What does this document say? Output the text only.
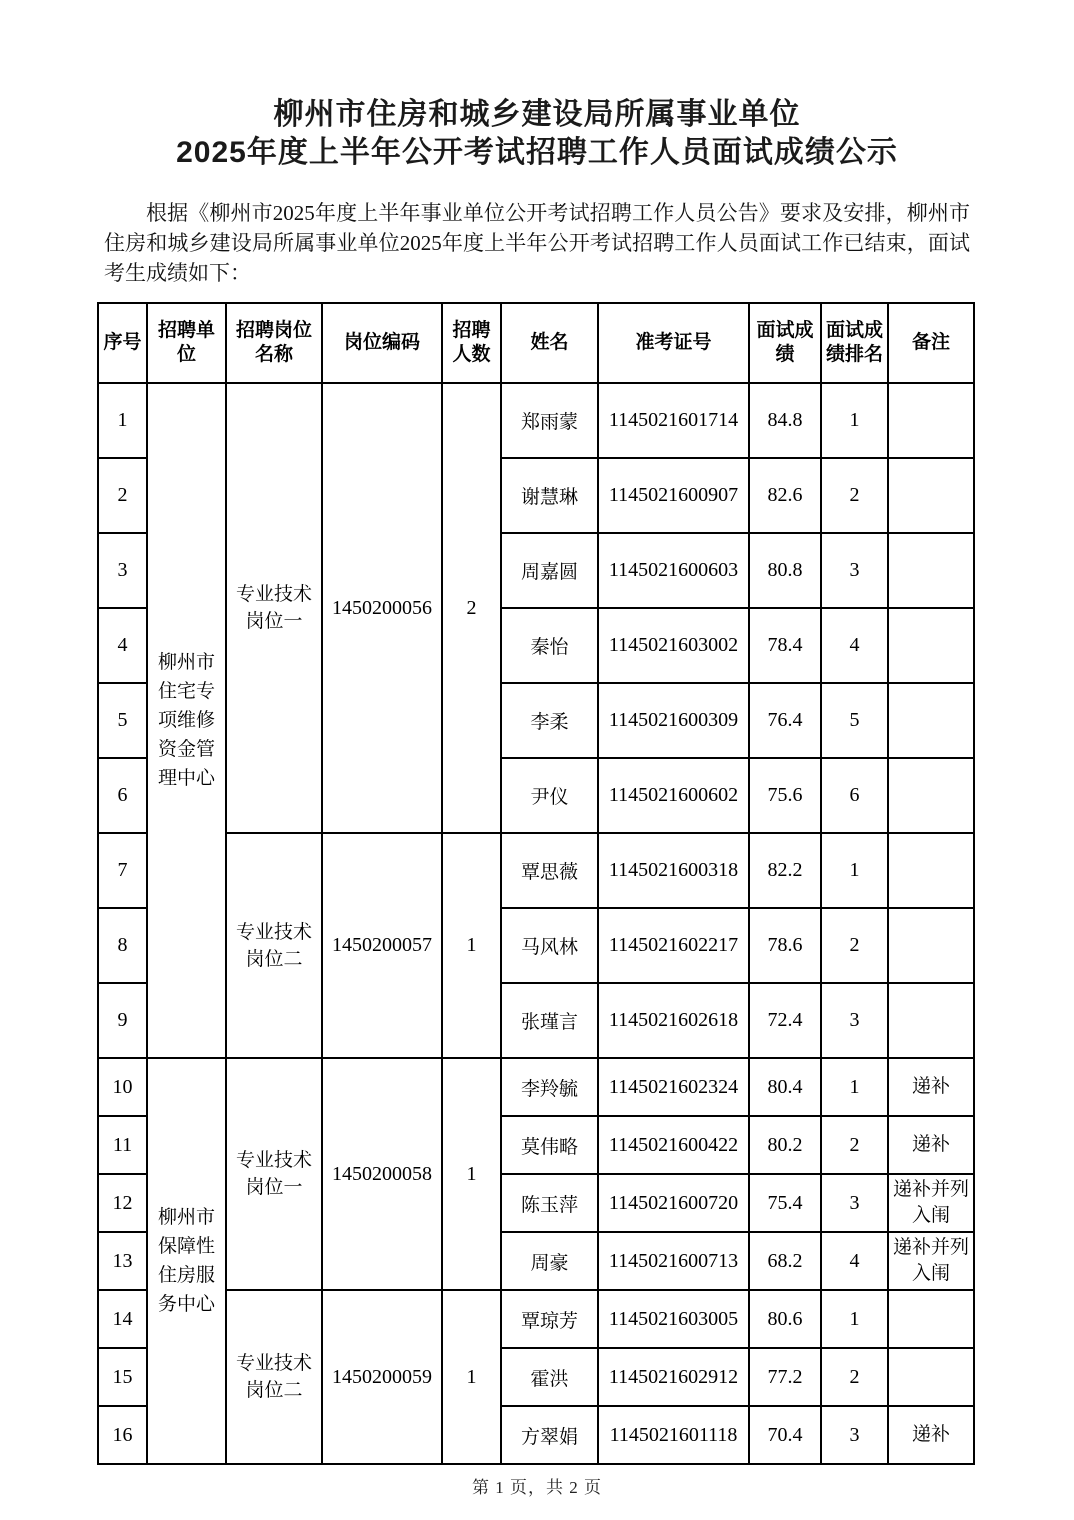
柳州市住房和城乡建设局所属事业单位
2025年度上半年公开考试招聘工作人员面试成绩公示

根据《柳州市2025年度上半年事业单位公开考试招聘工作人员公告》要求及安排，柳州市住房和城乡建设局所属事业单位2025年度上半年公开考试招聘工作人员面试工作已结束，面试考生成绩如下：

序号	招聘单位	招聘岗位名称	岗位编码	招聘人数	姓名	准考证号	面试成绩	面试成绩排名	备注
1	柳州市住宅专项维修资金管理中心	专业技术岗位一	1450200056	2	郑雨蒙	1145021601714	84.8	1	
2					谢慧琳	1145021600907	82.6	2	
3					周嘉圆	1145021600603	80.8	3	
4					秦怡	1145021603002	78.4	4	
5					李柔	1145021600309	76.4	5	
6					尹仪	1145021600602	75.6	6	
7		专业技术岗位二	1450200057	1	覃思薇	1145021600318	82.2	1	
8					马风林	1145021602217	78.6	2	
9					张瑾言	1145021602618	72.4	3	
10	柳州市保障性住房服务中心	专业技术岗位一	1450200058	1	李羚毓	1145021602324	80.4	1	递补
11					莫伟略	1145021600422	80.2	2	递补
12					陈玉萍	1145021600720	75.4	3	递补并列入闱
13					周豪	1145021600713	68.2	4	递补并列入闱
14		专业技术岗位二	1450200059	1	覃琼芳	1145021603005	80.6	1	
15					霍洪	1145021602912	77.2	2	
16					方翠娟	1145021601118	70.4	3	递补
第 1 页，共 2 页
